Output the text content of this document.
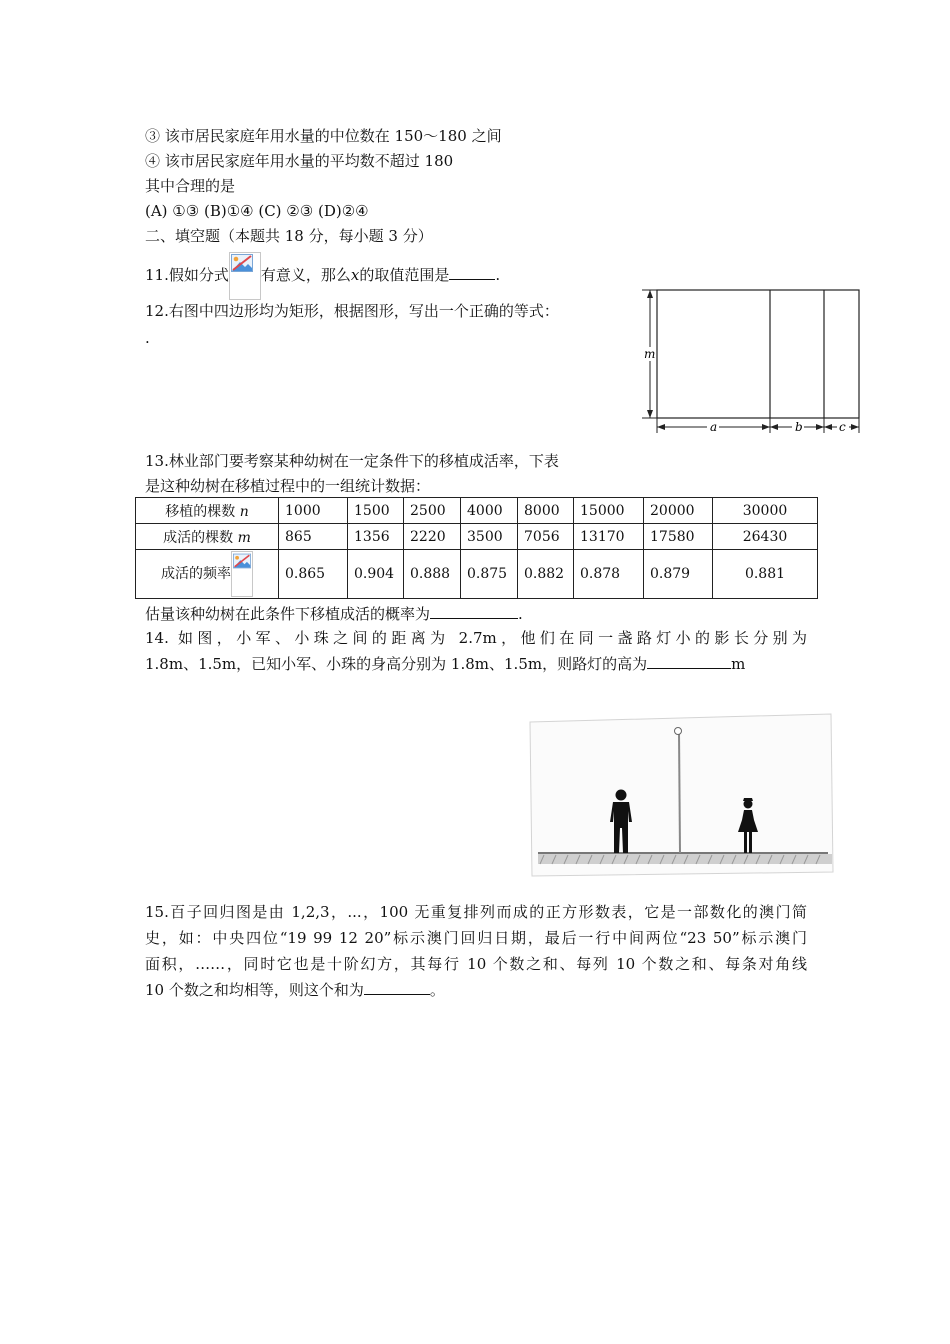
③ 该市居民家庭年用水量的中位数在 150～180 之间
④ 该市居民家庭年用水量的平均数不超过 180
其中合理的是
(A) ①③ (B)①④ (C) ②③ (D)②④
二、填空题（本题共 18 分，每小题 3 分）
11.假如分式 有意义，那么x的取值范围是	.
12.右图中四边形均为矩形，根据图形，写出一个正确的等式：
.
m
a	b	c
13.林业部门要考察某种幼树在一定条件下的移植成活率，下表
是这种幼树在移植过程中的一组统计数据：
移植的棵数 n	1000	1500	2500	4000	8000	15000	20000	30000
成活的棵数 m	865	1356	2220	3500	7056	13170	17580	26430
成活的频率	0.865	0.904	0.888	0.875	0.882	0.878	0.879	0.881
估量该种幼树在此条件下移植成活的概率为	.
14. 如图，小军、小珠之间的距离为 2.7m，他们在同一盏路灯小的影长分别为
1.8m、1.5m，已知小军、小珠的身高分别为 1.8m、1.5m，则路灯的高为	m
15.百子回归图是由 1,2,3，...，100 无重复排列而成的正方形数表，它是一部数化的澳门简
史，如：中央四位“19 99 12 20”标示澳门回归日期，最后一行中间两位“23 50”标示澳门
面积，……，同时它也是十阶幻方，其每行 10 个数之和、每列 10 个数之和、每条对角线
10 个数之和均相等，则这个和为	。
